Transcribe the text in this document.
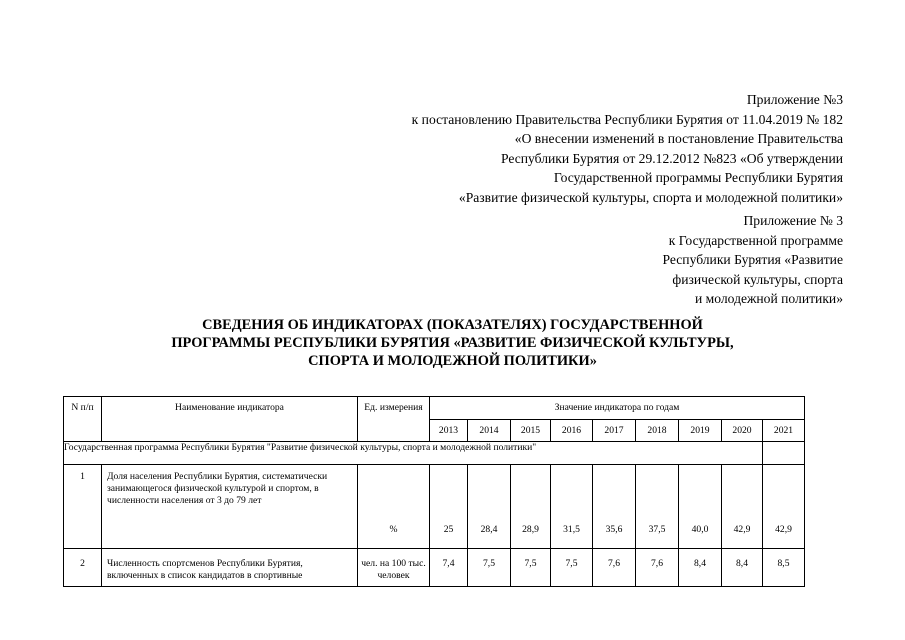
Приложение №3
к постановлению Правительства Республики Бурятия от 11.04.2019 № 182
«О внесении изменений в постановление Правительства
Республики Бурятия от 29.12.2012 №823 «Об утверждении
Государственной программы Республики Бурятия
«Развитие физической культуры, спорта и молодежной политики»
Приложение № 3
к Государственной программе
Республики Бурятия «Развитие
физической культуры, спорта
и молодежной политики»
СВЕДЕНИЯ ОБ ИНДИКАТОРАХ (ПОКАЗАТЕЛЯХ) ГОСУДАРСТВЕННОЙ
ПРОГРАММЫ РЕСПУБЛИКИ БУРЯТИЯ «РАЗВИТИЕ ФИЗИЧЕСКОЙ КУЛЬТУРЫ,
СПОРТА И МОЛОДЕЖНОЙ ПОЛИТИКИ»
N п/п	Наименование индикатора	Ед. измерения	Значение индикатора по годам								
			2013	2014	2015	2016	2017	2018	2019	2020	2021
Государственная программа Республики Бурятия "Развитие физической культуры, спорта и молодежной политики"											
1	Доля населения Республики Бурятия, систематически занимающегося физической культурой и спортом, в численности населения от 3 до 79 лет	%	25	28,4	28,9	31,5	35,6	37,5	40,0	42,9	42,9
2	Численность спортсменов Республики Бурятия, включенных в список кандидатов в спортивные	чел. на 100 тыс. человек	7,4	7,5	7,5	7,5	7,6	7,6	8,4	8,4	8,5
